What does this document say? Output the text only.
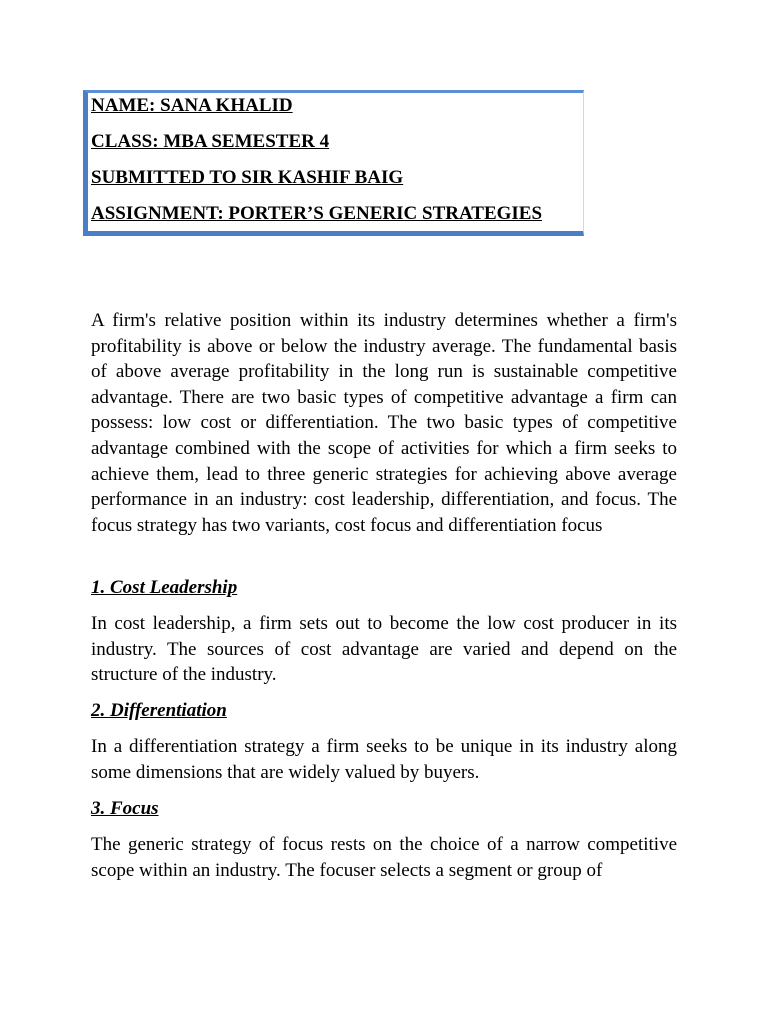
NAME: SANA KHALID
CLASS: MBA SEMESTER 4
SUBMITTED TO SIR KASHIF BAIG
ASSIGNMENT: PORTER’S GENERIC STRATEGIES

A firm's relative position within its industry determines whether a firm's profitability is above or below the industry average. The fundamental basis of above average profitability in the long run is sustainable competitive advantage. There are two basic types of competitive advantage a firm can possess: low cost or differentiation. The two basic types of competitive advantage combined with the scope of activities for which a firm seeks to achieve them, lead to three generic strategies for achieving above average performance in an industry: cost leadership, differentiation, and focus. The focus strategy has two variants, cost focus and differentiation focus

1. Cost Leadership

In cost leadership, a firm sets out to become the low cost producer in its industry. The sources of cost advantage are varied and depend on the structure of the industry.

2. Differentiation

In a differentiation strategy a firm seeks to be unique in its industry along some dimensions that are widely valued by buyers.

3. Focus

The generic strategy of focus rests on the choice of a narrow competitive scope within an industry. The focuser selects a segment or group of
